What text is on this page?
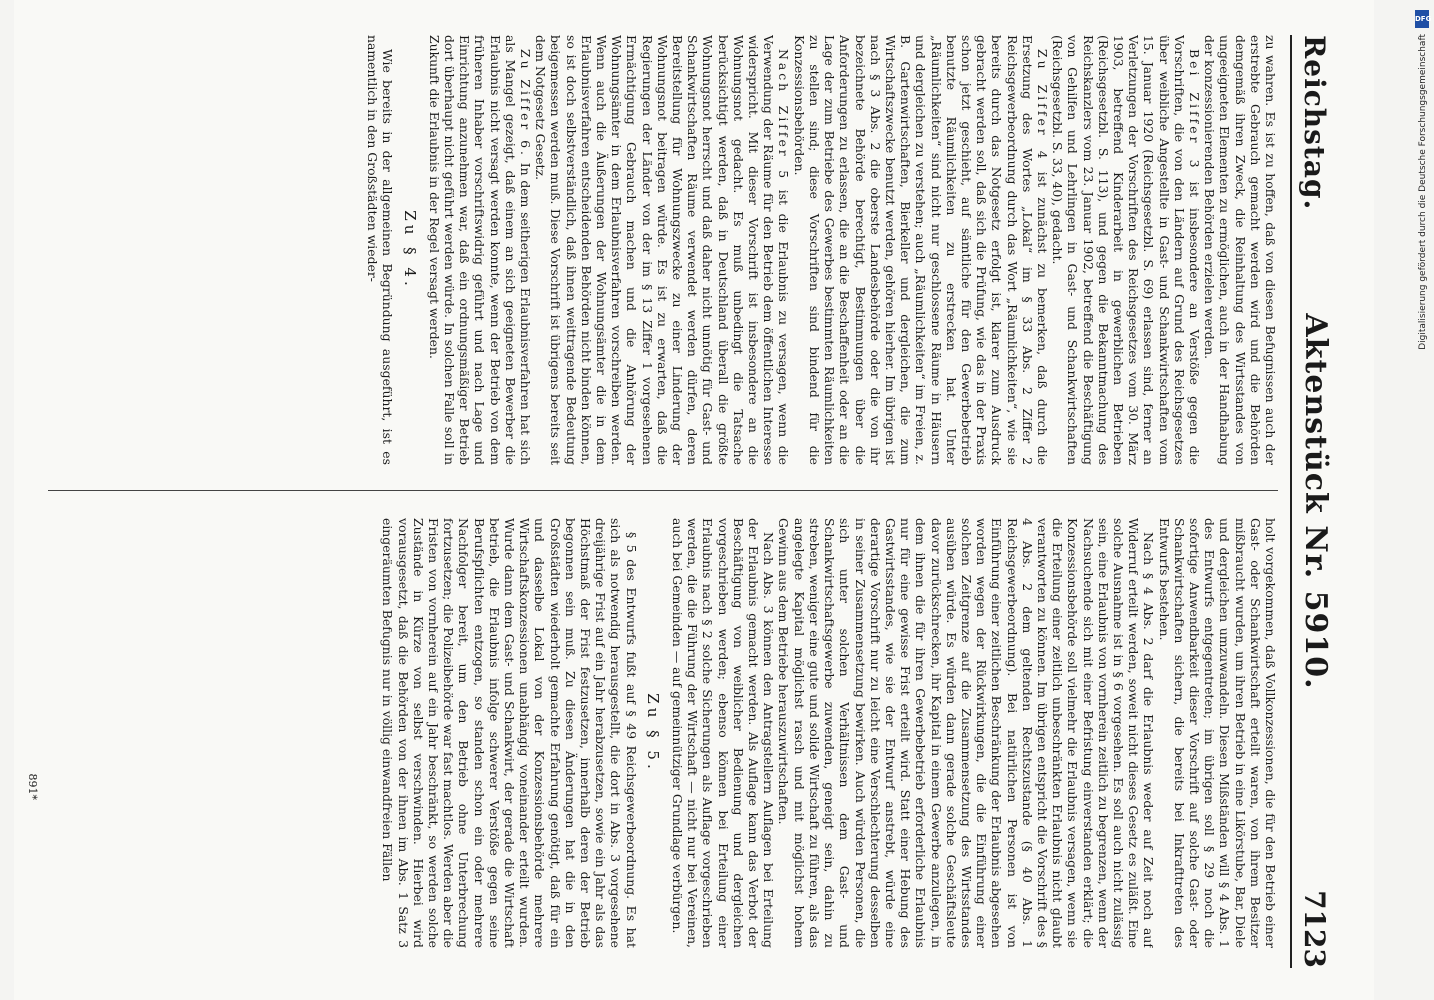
Reichstag.
Aktenstück Nr. 5910.
7123

zu wahren. Es ist zu hoffen, daß von diesen Befugnissen auch der erstrebte Gebrauch gemacht werden wird und die Behörden demgemäß ihren Zweck, die Reinhaltung des Wirtsstandes von ungeeigneten Elementen zu ermöglichen, auch in der Handhabung der konzessionierenden Behörden erzielen werden.

Bei Ziffer 3 ist insbesondere an Verstöße gegen die Vorschriften, die von den Ländern auf Grund des Reichsgesetzes über weibliche Angestellte in Gast- und Schankwirtschaften vom 15. Januar 1920 (Reichsgesetzbl. S. 69) erlassen sind, ferner an Verletzungen der Vorschriften des Reichsgesetzes vom 30. März 1903, betreffend Kinderarbeit in gewerblichen Betrieben (Reichsgesetzbl. S. 113), und gegen die Bekanntmachung des Reichskanzlers vom 23. Januar 1902, betreffend die Beschäftigung von Gehilfen und Lehrlingen in Gast- und Schankwirtschaften (Reichsgesetzbl. S. 33, 40), gedacht.

Zu Ziffer 4 ist zunächst zu bemerken, daß durch die Ersetzung des Wortes „Lokal“ im § 33 Abs. 2 Ziffer 2 Reichsgewerbeordnung durch das Wort „Räumlichkeiten“, wie sie bereits durch das Notgesetz erfolgt ist, klarer zum Ausdruck gebracht werden soll, daß sich die Prüfung, wie das in der Praxis schon jetzt geschieht, auf sämtliche für den Gewerbebetrieb benutzte Räumlichkeiten zu erstrecken hat. Unter „Räumlichkeiten“ sind nicht nur geschlossene Räume in Häusern und dergleichen zu verstehen; auch „Räumlichkeiten“ im Freien, z. B. Gartenwirtschaften, Bierkeller und dergleichen, die zum Wirtschaftszwecke benutzt werden, gehören hierher. Im übrigen ist nach § 3 Abs. 2 die oberste Landesbehörde oder die von ihr bezeichnete Behörde berechtigt, Bestimmungen über die Anforderungen zu erlassen, die an die Beschaffenheit oder an die Lage der zum Betriebe des Gewerbes bestimmten Räumlichkeiten zu stellen sind; diese Vorschriften sind bindend für die Konzessionsbehörden.

Nach Ziffer 5 ist die Erlaubnis zu versagen, wenn die Verwendung der Räume für den Betrieb dem öffentlichen Interesse widerspricht. Mit dieser Vorschrift ist insbesondere an die Wohnungsnot gedacht. Es muß unbedingt die Tatsache berücksichtigt werden, daß in Deutschland überall die größte Wohnungsnot herrscht und daß daher nicht unnötig für Gast- und Schankwirtschaften Räume verwendet werden dürfen, deren Bereitstellung für Wohnungszwecke zu einer Linderung der Wohnungsnot beitragen würde. Es ist zu erwarten, daß die Regierungen der Länder von der im § 13 Ziffer 1 vorgesehenen Ermächtigung Gebrauch machen und die Anhörung der Wohnungsämter in dem Erlaubnisverfahren vorschreiben werden. Wenn auch die Äußerungen der Wohnungsämter die in dem Erlaubnisverfahren entscheidenden Behörden nicht binden können, so ist doch selbstverständlich, daß ihnen weittragende Bedeutung beigemessen werden muß. Diese Vorschrift ist übrigens bereits seit dem Notgesetz Gesetz.

Zu Ziffer 6. In dem seitherigen Erlaubnisverfahren hat sich als Mangel gezeigt, daß einem an sich geeigneten Bewerber die Erlaubnis nicht versagt werden konnte, wenn der Betrieb von dem früheren Inhaber vorschriftswidrig geführt und nach Lage und Einrichtung anzunehmen war, daß ein ordnungsmäßiger Betrieb dort überhaupt nicht geführt werden würde. In solchen Falle soll in Zukunft die Erlaubnis in der Regel versagt werden.

Zu § 4.

Wie bereits in der allgemeinen Begründung ausgeführt, ist es namentlich in den Großstädten wieder-

holt vorgekommen, daß Vollkonzessionen, die für den Betrieb einer Gast- oder Schankwirtschaft erteilt waren, von ihrem Besitzer mißbraucht wurden, um ihren Betrieb in eine Likörstube, Bar, Diele und dergleichen umzuwandeln. Diesen Mißständen will § 4 Abs. 1 des Entwurfs entgegentreten; im übrigen soll § 29 noch die sofortige Anwendbarkeit dieser Vorschrift auf solche Gast- oder Schankwirtschaften sichern, die bereits bei Inkrafttreten des Entwurfs bestehen.

Nach § 4 Abs. 2 darf die Erlaubnis weder auf Zeit noch auf Widerruf erteilt werden, soweit nicht dieses Gesetz es zuläßt. Eine solche Ausnahme ist in § 6 vorgesehen. Es soll auch nicht zulässig sein, eine Erlaubnis von vornherein zeitlich zu begrenzen, wenn der Nachsuchende sich mit einer Befristung einverstanden erklärt; die Konzessionsbehörde soll vielmehr die Erlaubnis versagen, wenn sie die Erteilung einer zeitlich unbeschränkten Erlaubnis nicht glaubt verantworten zu können. Im übrigen entspricht die Vorschrift des § 4 Abs. 2 dem geltenden Rechtszustande (§ 40 Abs. 1 Reichsgewerbeordnung). Bei natürlichen Personen ist von Einführung einer zeitlichen Beschränkung der Erlaubnis abgesehen worden wegen der Rückwirkungen, die die Einführung einer solchen Zeitgrenze auf die Zusammensetzung des Wirtsstandes ausüben würde. Es würden dann gerade solche Geschäftsleute davor zurückschrecken, ihr Kapital in einem Gewerbe anzulegen, in dem ihnen die für ihren Gewerbebetrieb erforderliche Erlaubnis nur für eine gewisse Frist erteilt wird. Statt einer Hebung des Gastwirtsstandes, wie sie der Entwurf anstrebt, würde eine derartige Vorschrift nur zu leicht eine Verschlechterung desselben in seiner Zusammensetzung bewirken. Auch würden Personen, die sich unter solchen Verhältnissen dem Gast- und Schankwirtschaftsgewerbe zuwenden, geneigt sein, dahin zu streben, weniger eine gute und solide Wirtschaft zu führen, als das angelegte Kapital möglichst rasch und mit möglichst hohem Gewinn aus dem Betriebe herauszuwirtschaften.

Nach Abs. 3 können den Antragstellern Auflagen bei Erteilung der Erlaubnis gemacht werden. Als Auflage kann das Verbot der Beschäftigung von weiblicher Bedienung und dergleichen vorgeschrieben werden; ebenso können bei Erteilung einer Erlaubnis nach § 2 solche Sicherungen als Auflage vorgeschrieben werden, die die Führung der Wirtschaft — nicht nur bei Vereinen, auch bei Gemeinden — auf gemeinnütziger Grundlage verbürgen.

Zu § 5.

§ 5 des Entwurfs fußt auf § 49 Reichsgewerbeordnung. Es hat sich als notwendig herausgestellt, die dort in Abs. 3 vorgesehene dreijährige Frist auf ein Jahr herabzusetzen, sowie ein Jahr als das Höchstmaß der Frist festzusetzen, innerhalb deren der Betrieb begonnen sein muß. Zu diesen Änderungen hat die in den Großstädten wiederholt gemachte Erfahrung genötigt, daß für ein und dasselbe Lokal von der Konzessionsbehörde mehrere Wirtschaftskonzessionen unabhängig voneinander erteilt wurden. Wurde dann dem Gast- und Schankwirt, der gerade die Wirtschaft betrieb, die Erlaubnis infolge schwerer Verstöße gegen seine Berufspflichten entzogen, so standen schon ein oder mehrere Nachfolger bereit, um den Betrieb ohne Unterbrechung fortzusetzen; die Polizeibehörde war fast machtlos. Werden aber die Fristen von vornherein auf ein Jahr beschränkt, so werden solche Zustände in Kürze von selbst verschwinden. Hierbei wird vorausgesetzt, daß die Behörden von der ihnen im Abs. 1 Satz 3 eingeräumten Befugnis nur in völlig einwandfreien Fällen

891*
DFG
Digitalisierung gefördert durch die Deutsche Forschungsgemeinschaft
